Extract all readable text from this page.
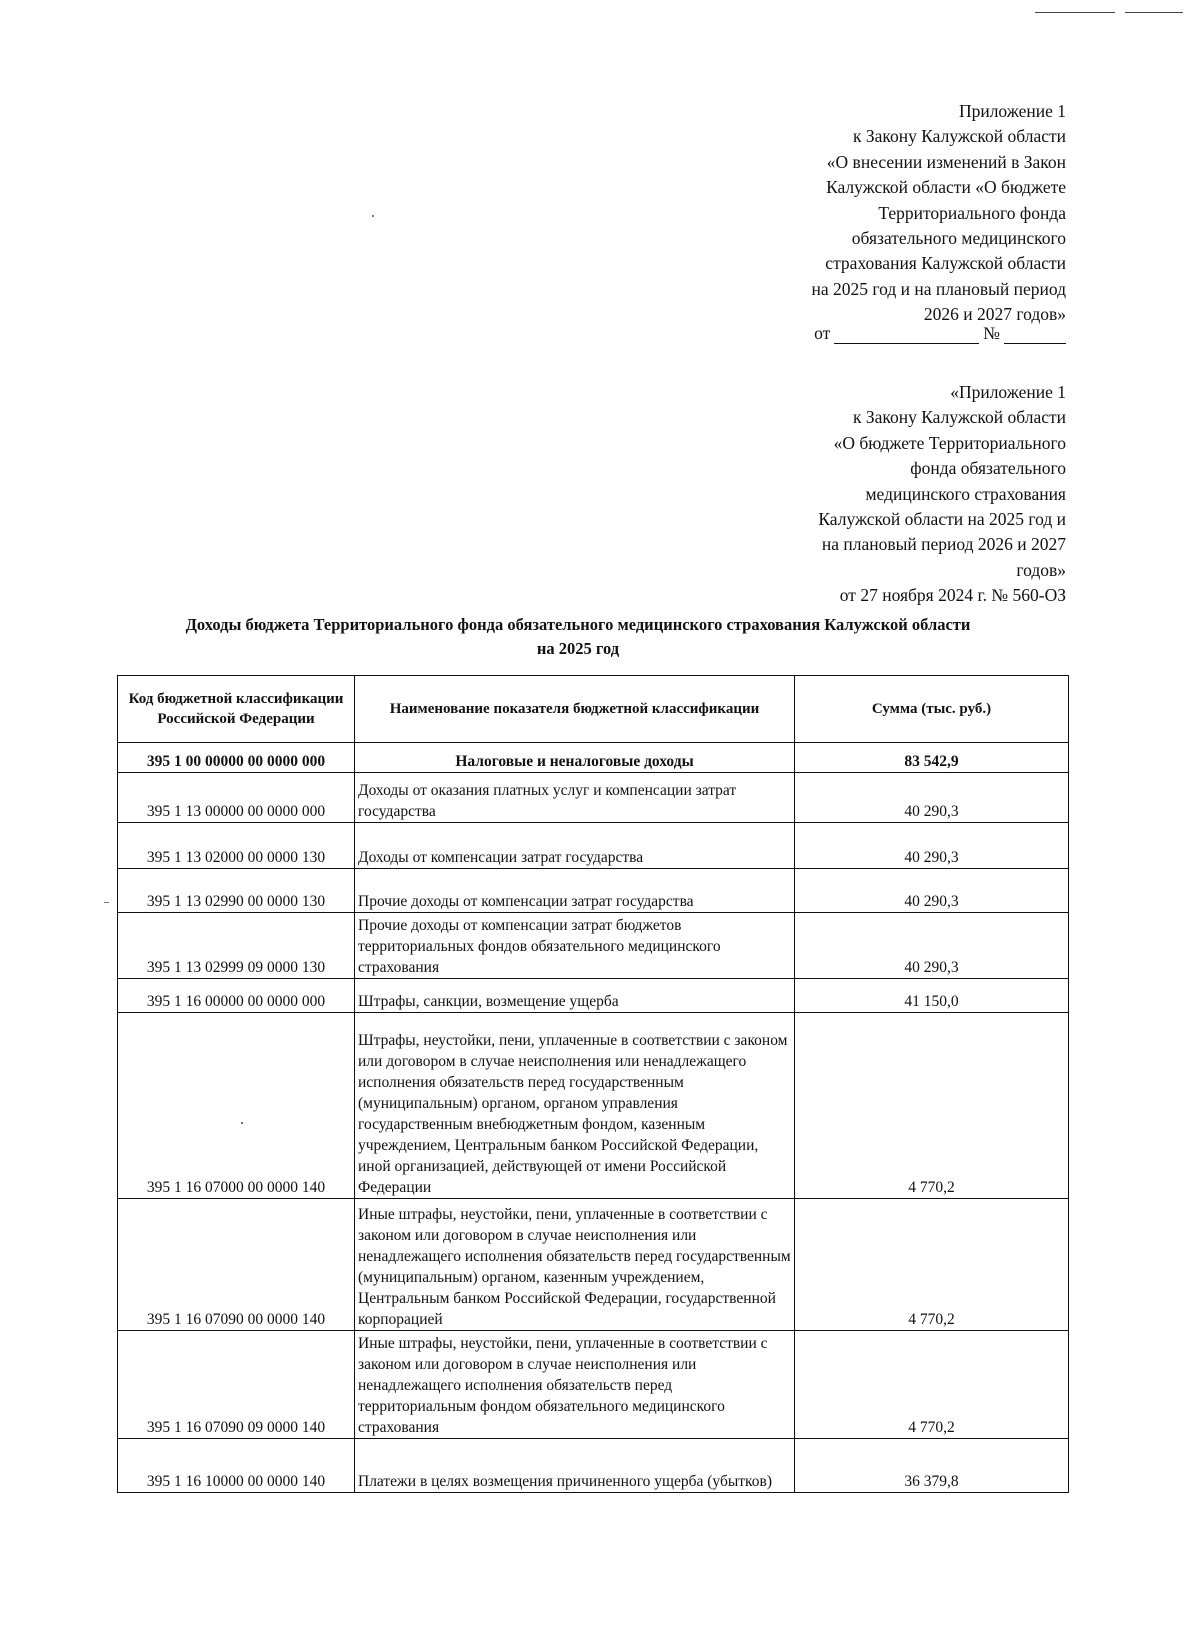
Приложение 1
к Закону Калужской области
«О внесении изменений в Закон
Калужской области «О бюджете
Территориального фонда
обязательного медицинского
страхования Калужской области
на 2025 год и на плановый период
2026 и 2027 годов»
от	№
«Приложение 1
к Закону Калужской области
«О бюджете Территориального
фонда обязательного
медицинского страхования
Калужской области на 2025 год и
на плановый период 2026 и 2027
годов»
от 27 ноября 2024 г. № 560-ОЗ
Доходы бюджета Территориального фонда обязательного медицинского страхования Калужской области
на 2025 год
Код бюджетной классификации Российской Федерации	Наименование показателя бюджетной классификации	Сумма (тыс. руб.)
395 1 00 00000 00 0000 000	Налоговые и неналоговые доходы	83 542,9
395 1 13 00000 00 0000 000	Доходы от оказания платных услуг и компенсации затрат государства	40 290,3
395 1 13 02000 00 0000 130	Доходы от компенсации затрат государства	40 290,3
395 1 13 02990 00 0000 130	Прочие доходы от компенсации затрат государства	40 290,3
395 1 13 02999 09 0000 130	Прочие доходы от компенсации затрат бюджетов территориальных фондов обязательного медицинского страхования	40 290,3
395 1 16 00000 00 0000 000	Штрафы, санкции, возмещение ущерба	41 150,0
395 1 16 07000 00 0000 140	Штрафы, неустойки, пени, уплаченные в соответствии с законом или договором в случае неисполнения или ненадлежащего исполнения обязательств перед государственным (муниципальным) органом, органом управления государственным внебюджетным фондом, казенным учреждением, Центральным банком Российской Федерации, иной организацией, действующей от имени Российской Федерации	4 770,2
395 1 16 07090 00 0000 140	Иные штрафы, неустойки, пени, уплаченные в соответствии с законом или договором в случае неисполнения или ненадлежащего исполнения обязательств перед государственным (муниципальным) органом, казенным учреждением, Центральным банком Российской Федерации, государственной корпорацией	4 770,2
395 1 16 07090 09 0000 140	Иные штрафы, неустойки, пени, уплаченные в соответствии с законом или договором в случае неисполнения или ненадлежащего исполнения обязательств перед территориальным фондом обязательного медицинского страхования	4 770,2
395 1 16 10000 00 0000 140	Платежи в целях возмещения причиненного ущерба (убытков)	36 379,8
